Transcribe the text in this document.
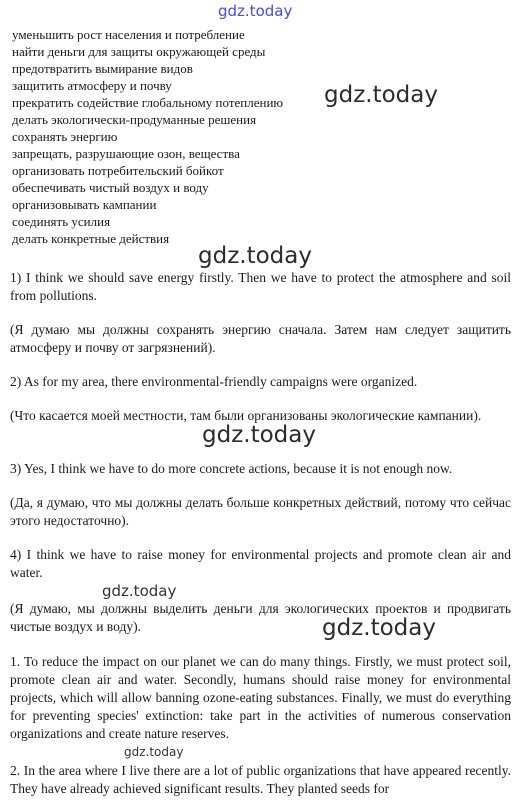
gdz.today
уменьшить рост населения и потребление
найти деньги для защиты окружающей среды
предотвратить вымирание видов
защитить атмосферу и почву
прекратить содействие глобальному потеплению
делать экологически-продуманные решения
сохранять энергию
запрещать, разрушающие озон, вещества
организовать потребительский бойкот
обеспечивать чистый воздух и воду
организовывать кампании
соединять усилия
делать конкретные действия
gdz.today
gdz.today

1) I think we should save energy firstly. Then we have to protect the atmosphere and soil from pollutions.

(Я думаю мы должны сохранять энергию сначала. Затем нам следует защитить атмосферу и почву от загрязнений).

2) As for my area, there environmental-friendly campaigns were organized.

(Что касается моей местности, там были организованы экологические кампании).

gdz.today

3) Yes, I think we have to do more concrete actions, because it is not enough now.

(Да, я думаю, что мы должны делать больше конкретных действий, потому что сейчас этого недостаточно).

4) I think we have to raise money for environmental projects and promote clean air and water.

gdz.today

(Я думаю, мы должны выделить деньги для экологических проектов и продвигать чистые воздух и воду).	gdz.today

1. To reduce the impact on our planet we can do many things. Firstly, we must protect soil, promote clean air and water. Secondly, humans should raise money for environmental projects, which will allow banning ozone-eating substances. Finally, we must do everything for preventing species' extinction: take part in the activities of numerous conservation organizations and create nature reserves.

gdz.today

2. In the area where I live there are a lot of public organizations that have appeared recently. They have already achieved significant results. They planted seeds for
